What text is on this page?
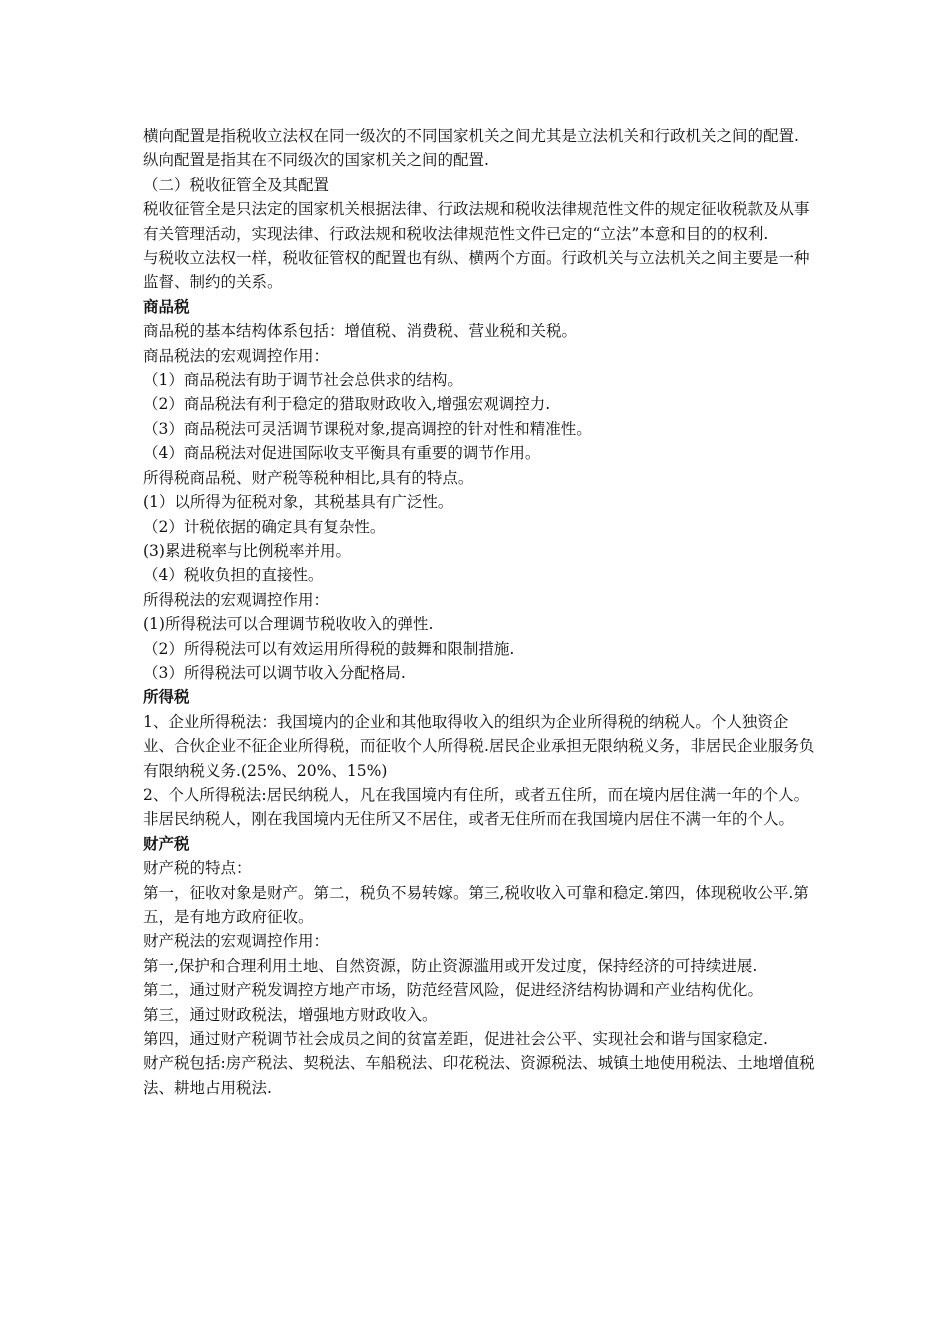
横向配置是指税收立法权在同一级次的不同国家机关之间尤其是立法机关和行政机关之间的配置.

纵向配置是指其在不同级次的国家机关之间的配置.

（二）税收征管全及其配置

税收征管全是只法定的国家机关根据法律、行政法规和税收法律规范性文件的规定征收税款及从事有关管理活动，实现法律、行政法规和税收法律规范性文件已定的“立法”本意和目的的权利.

与税收立法权一样，税收征管权的配置也有纵、横两个方面。行政机关与立法机关之间主要是一种监督、制约的关系。

商品税

商品税的基本结构体系包括：增值税、消费税、营业税和关税。

商品税法的宏观调控作用：

（1）商品税法有助于调节社会总供求的结构。

（2）商品税法有利于稳定的猎取财政收入,增强宏观调控力.

（3）商品税法可灵活调节课税对象,提高调控的针对性和精准性。

（4）商品税法对促进国际收支平衡具有重要的调节作用。

所得税商品税、财产税等税种相比,具有的特点。

(1）以所得为征税对象，其税基具有广泛性。

（2）计税依据的确定具有复杂性。

(3)累进税率与比例税率并用。

（4）税收负担的直接性。

所得税法的宏观调控作用：

(1)所得税法可以合理调节税收收入的弹性.

（2）所得税法可以有效运用所得税的鼓舞和限制措施.

（3）所得税法可以调节收入分配格局.

所得税

1、企业所得税法：我国境内的企业和其他取得收入的组织为企业所得税的纳税人。个人独资企业、合伙企业不征企业所得税，而征收个人所得税.居民企业承担无限纳税义务，非居民企业服务负有限纳税义务.(25%、20%、15%)

2、个人所得税法:居民纳税人，凡在我国境内有住所，或者五住所，而在境内居住满一年的个人。非居民纳税人，刚在我国境内无住所又不居住，或者无住所而在我国境内居住不满一年的个人。

财产税

财产税的特点：

第一，征收对象是财产。第二，税负不易转嫁。第三,税收收入可靠和稳定.第四，体现税收公平.第五，是有地方政府征收。

财产税法的宏观调控作用：

第一,保护和合理利用土地、自然资源，防止资源滥用或开发过度，保持经济的可持续进展.

第二，通过财产税发调控方地产市场，防范经营风险，促进经济结构协调和产业结构优化。

第三，通过财政税法，增强地方财政收入。

第四，通过财产税调节社会成员之间的贫富差距，促进社会公平、实现社会和谐与国家稳定.

财产税包括:房产税法、契税法、车船税法、印花税法、资源税法、城镇土地使用税法、土地增值税法、耕地占用税法.
